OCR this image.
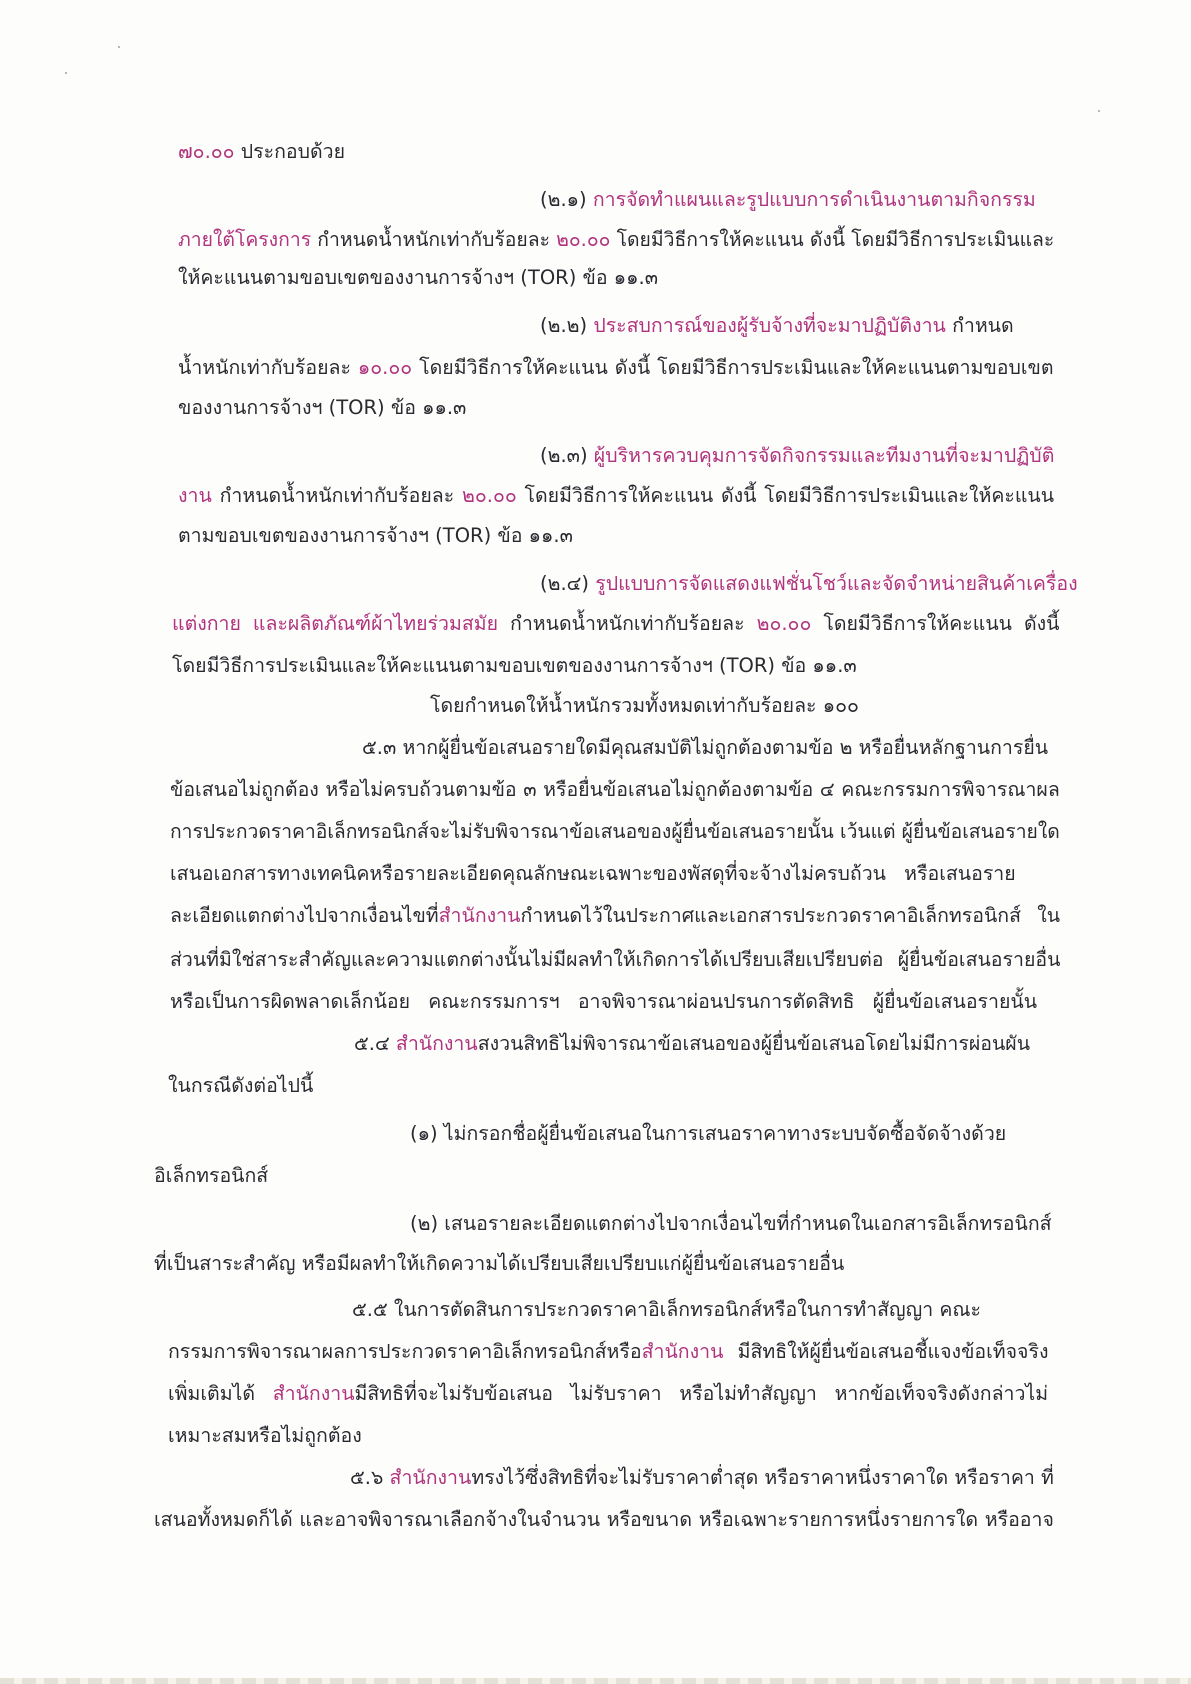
๗๐.๐๐ ประกอบด้วย
(๒.๑) การจัดทำแผนและรูปแบบการดำเนินงานตามกิจกรรม
ภายใต้โครงการ กำหนดน้ำหนักเท่ากับร้อยละ ๒๐.๐๐ โดยมีวิธีการให้คะแนน ดังนี้ โดยมีวิธีการประเมินและ
ให้คะแนนตามขอบเขตของงานการจ้างฯ (TOR) ข้อ ๑๑.๓
(๒.๒) ประสบการณ์ของผู้รับจ้างที่จะมาปฏิบัติงาน กำหนด
น้ำหนักเท่ากับร้อยละ ๑๐.๐๐ โดยมีวิธีการให้คะแนน ดังนี้ โดยมีวิธีการประเมินและให้คะแนนตามขอบเขต
ของงานการจ้างฯ (TOR) ข้อ ๑๑.๓
(๒.๓) ผู้บริหารควบคุมการจัดกิจกรรมและทีมงานที่จะมาปฏิบัติ
งาน กำหนดน้ำหนักเท่ากับร้อยละ ๒๐.๐๐ โดยมีวิธีการให้คะแนน ดังนี้ โดยมีวิธีการประเมินและให้คะแนน
ตามขอบเขตของงานการจ้างฯ (TOR) ข้อ ๑๑.๓
(๒.๔) รูปแบบการจัดแสดงแฟชั่นโชว์และจัดจำหน่ายสินค้าเครื่อง
แต่งกาย และผลิตภัณฑ์ผ้าไทยร่วมสมัย กำหนดน้ำหนักเท่ากับร้อยละ ๒๐.๐๐ โดยมีวิธีการให้คะแนน ดังนี้
โดยมีวิธีการประเมินและให้คะแนนตามขอบเขตของงานการจ้างฯ (TOR) ข้อ ๑๑.๓
โดยกำหนดให้น้ำหนักรวมทั้งหมดเท่ากับร้อยละ ๑๐๐
๕.๓ หากผู้ยื่นข้อเสนอรายใดมีคุณสมบัติไม่ถูกต้องตามข้อ ๒ หรือยื่นหลักฐานการยื่น
ข้อเสนอไม่ถูกต้อง หรือไม่ครบถ้วนตามข้อ ๓ หรือยื่นข้อเสนอไม่ถูกต้องตามข้อ ๔ คณะกรรมการพิจารณาผล
การประกวดราคาอิเล็กทรอนิกส์จะไม่รับพิจารณาข้อเสนอของผู้ยื่นข้อเสนอรายนั้น เว้นแต่ ผู้ยื่นข้อเสนอรายใด
เสนอเอกสารทางเทคนิคหรือรายละเอียดคุณลักษณะเฉพาะของพัสดุที่จะจ้างไม่ครบถ้วน หรือเสนอราย
ละเอียดแตกต่างไปจากเงื่อนไขที่สำนักงานกำหนดไว้ในประกาศและเอกสารประกวดราคาอิเล็กทรอนิกส์ ใน
ส่วนที่มิใช่สาระสำคัญและความแตกต่างนั้นไม่มีผลทำให้เกิดการได้เปรียบเสียเปรียบต่อ ผู้ยื่นข้อเสนอรายอื่น
หรือเป็นการผิดพลาดเล็กน้อย คณะกรรมการฯ อาจพิจารณาผ่อนปรนการตัดสิทธิ ผู้ยื่นข้อเสนอรายนั้น
๕.๔ สำนักงานสงวนสิทธิไม่พิจารณาข้อเสนอของผู้ยื่นข้อเสนอโดยไม่มีการผ่อนผัน
ในกรณีดังต่อไปนี้
(๑) ไม่กรอกชื่อผู้ยื่นข้อเสนอในการเสนอราคาทางระบบจัดซื้อจัดจ้างด้วย
อิเล็กทรอนิกส์
(๒) เสนอรายละเอียดแตกต่างไปจากเงื่อนไขที่กำหนดในเอกสารอิเล็กทรอนิกส์
ที่เป็นสาระสำคัญ หรือมีผลทำให้เกิดความได้เปรียบเสียเปรียบแก่ผู้ยื่นข้อเสนอรายอื่น
๕.๕ ในการตัดสินการประกวดราคาอิเล็กทรอนิกส์หรือในการทำสัญญา คณะ
กรรมการพิจารณาผลการประกวดราคาอิเล็กทรอนิกส์หรือสำนักงาน มีสิทธิให้ผู้ยื่นข้อเสนอชี้แจงข้อเท็จจริง
เพิ่มเติมได้ สำนักงานมีสิทธิที่จะไม่รับข้อเสนอ ไม่รับราคา หรือไม่ทำสัญญา หากข้อเท็จจริงดังกล่าวไม่
เหมาะสมหรือไม่ถูกต้อง
๕.๖ สำนักงานทรงไว้ซึ่งสิทธิที่จะไม่รับราคาต่ำสุด หรือราคาหนึ่งราคาใด หรือราคา ที่
เสนอทั้งหมดก็ได้ และอาจพิจารณาเลือกจ้างในจำนวน หรือขนาด หรือเฉพาะรายการหนึ่งรายการใด หรืออาจ
